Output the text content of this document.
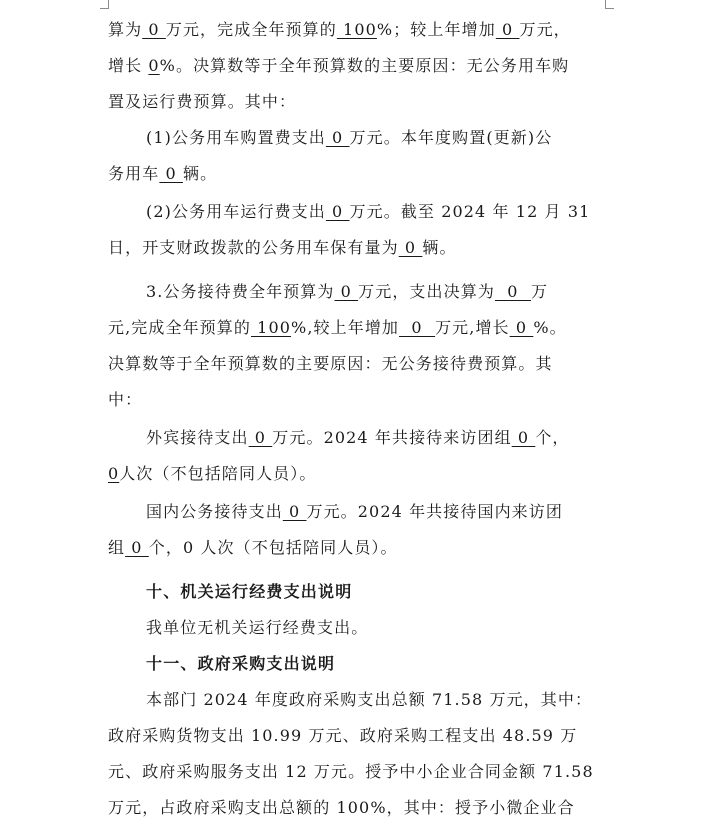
算为 0 万元，完成全年预算的 100%；较上年增加 0 万元，
增长 0%。决算数等于全年预算数的主要原因：无公务用车购
置及运行费预算。其中：
(1)公务用车购置费支出 0 万元。本年度购置(更新)公
务用车 0 辆。
(2)公务用车运行费支出 0 万元。截至 2024 年 12 月 31
日，开支财政拨款的公务用车保有量为 0 辆。
3.公务接待费全年预算为 0 万元，支出决算为  0  万
元,完成全年预算的 100%,较上年增加  0  万元,增长 0 %。
决算数等于全年预算数的主要原因：无公务接待费预算。其
中：
外宾接待支出 0 万元。2024 年共接待来访团组 0 个，
0人次（不包括陪同人员）。
国内公务接待支出 0 万元。2024 年共接待国内来访团
组 0 个，0 人次（不包括陪同人员）。
十、机关运行经费支出说明
我单位无机关运行经费支出。
十一、政府采购支出说明
本部门 2024 年度政府采购支出总额 71.58 万元，其中：
政府采购货物支出 10.99 万元、政府采购工程支出 48.59 万
元、政府采购服务支出 12 万元。授予中小企业合同金额 71.58
万元，占政府采购支出总额的 100%，其中：授予小微企业合
